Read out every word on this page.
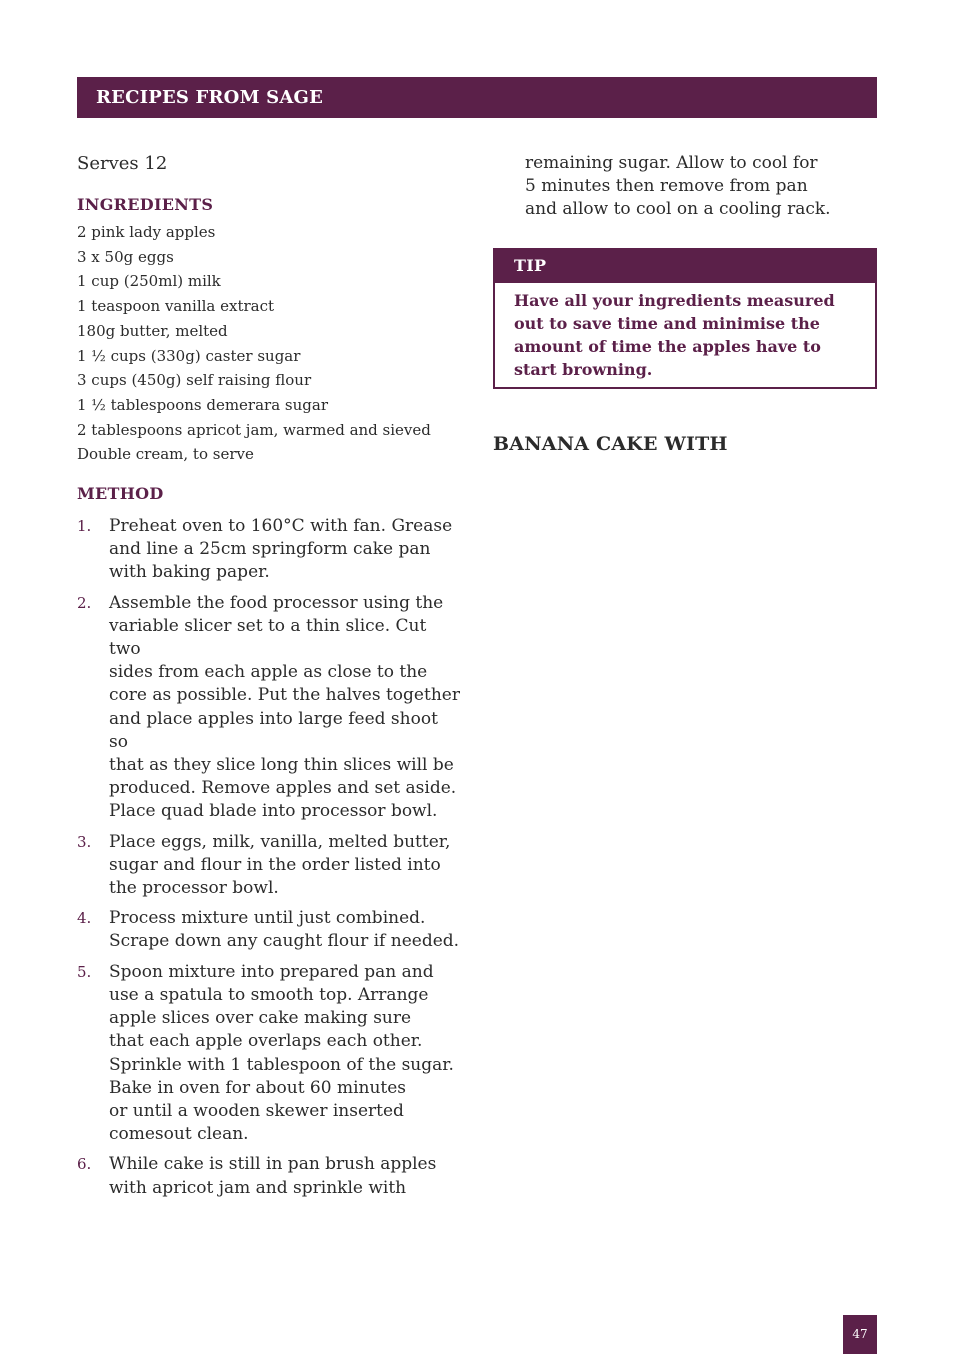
RECIPES FROM SAGE

Serves 12

INGREDIENTS
2 pink lady apples
3 x 50g eggs
1 cup (250ml) milk
1 teaspoon vanilla extract
180g butter, melted
1 ½ cups (330g) caster sugar
3 cups (450g) self raising flour
1 ½ tablespoons demerara sugar
2 tablespoons apricot jam, warmed and sieved
Double cream, to serve
METHOD
1.	Preheat oven to 160°C with fan. Grease
and line a 25cm springform cake pan
with baking paper.
2.	Assemble the food processor using the
variable slicer set to a thin slice. Cut two
sides from each apple as close to the
core as possible. Put the halves together
and place apples into large feed shoot so
that as they slice long thin slices will be
produced. Remove apples and set aside.
Place quad blade into processor bowl.
3.	Place eggs, milk, vanilla, melted butter,
sugar and flour in the order listed into
the processor bowl.
4.	Process mixture until just combined.
Scrape down any caught flour if needed.
5.	Spoon mixture into prepared pan and
use a spatula to smooth top. Arrange
apple slices over cake making sure
that each apple overlaps each other.
Sprinkle with 1 tablespoon of the sugar.
Bake in oven for about 60 minutes
or until a wooden skewer inserted
comesout clean.
6.	While cake is still in pan brush apples
with apricot jam and sprinkle with

remaining sugar. Allow to cool for
5 minutes then remove from pan
and allow to cool on a cooling rack.

TIP
Have all your ingredients measured
out to save time and minimise the
amount of time the apples have to
start browning.
BANANA CAKE WITH
47
